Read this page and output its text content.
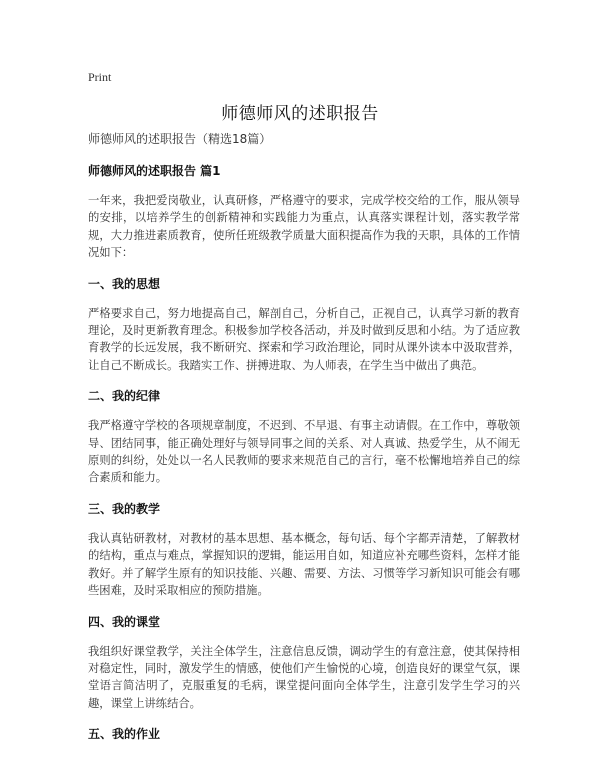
Print
师德师风的述职报告
师德师风的述职报告（精选18篇）
师德师风的述职报告 篇1

一年来，我把爱岗敬业，认真研修，严格遵守的要求，完成学校交给的工作，服从领导的安排，以培养学生的创新精神和实践能力为重点，认真落实课程计划，落实教学常规，大力推进素质教育，使所任班级教学质量大面积提高作为我的天职，具体的工作情况如下：

一、我的思想

严格要求自己，努力地提高自己，解剖自己，分析自己，正视自己，认真学习新的教育理论，及时更新教育理念。积极参加学校各活动，并及时做到反思和小结。为了适应教育教学的长远发展，我不断研究、探索和学习政治理论，同时从课外读本中汲取营养，让自己不断成长。我踏实工作、拼搏进取、为人师表，在学生当中做出了典范。

二、我的纪律

我严格遵守学校的各项规章制度，不迟到、不早退、有事主动请假。在工作中，尊敬领导、团结同事，能正确处理好与领导同事之间的关系、对人真诚、热爱学生，从不闹无原则的纠纷，处处以一名人民教师的要求来规范自己的言行，毫不松懈地培养自己的综合素质和能力。

三、我的教学

我认真钻研教材，对教材的基本思想、基本概念，每句话、每个字都弄清楚，了解教材的结构，重点与难点，掌握知识的逻辑，能运用自如，知道应补充哪些资料，怎样才能教好。并了解学生原有的知识技能、兴趣、需要、方法、习惯等学习新知识可能会有哪些困难，及时采取相应的预防措施。

四、我的课堂

我组织好课堂教学，关注全体学生，注意信息反馈，调动学生的有意注意，使其保持相对稳定性，同时，激发学生的情感，使他们产生愉悦的心境，创造良好的课堂气氛，课堂语言简洁明了，克服重复的毛病，课堂提问面向全体学生，注意引发学生学习的兴趣，课堂上讲练结合。

五、我的作业
